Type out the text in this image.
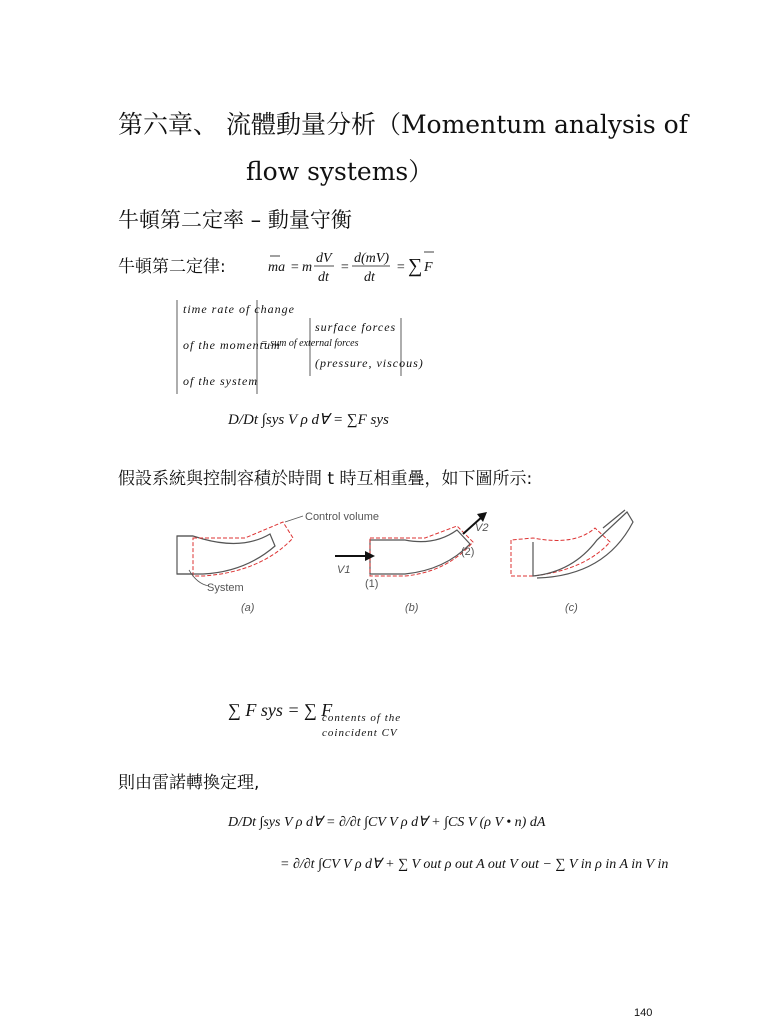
第六章、 流體動量分析（Momentum analysis of
flow systems）
牛頓第二定率 – 動量守衡
牛頓第二定律:	ma = m
dV
dt
=
d(mV)
dt
= ∑ F
time rate of change
of the momentum
of the system
= sum of external forces
surface forces
(pressure, viscous)
D/Dt ∫sys V ρ d∀ = ∑F sys
假設系統與控制容積於時間 t 時互相重疊，如下圖所示:
Control volume
System
V1
V2
(1)
(2)
(a)	(b)	(c)
∑ F sys = ∑ F
contents of the
coincident CV
則由雷諾轉換定理,
D/Dt ∫sys V ρ d∀ = ∂/∂t ∫CV V ρ d∀ + ∫CS V (ρ V • n) dA
= ∂/∂t ∫CV V ρ d∀ + ∑ V out ρ out A out V out − ∑ V in ρ in A in V in
140
